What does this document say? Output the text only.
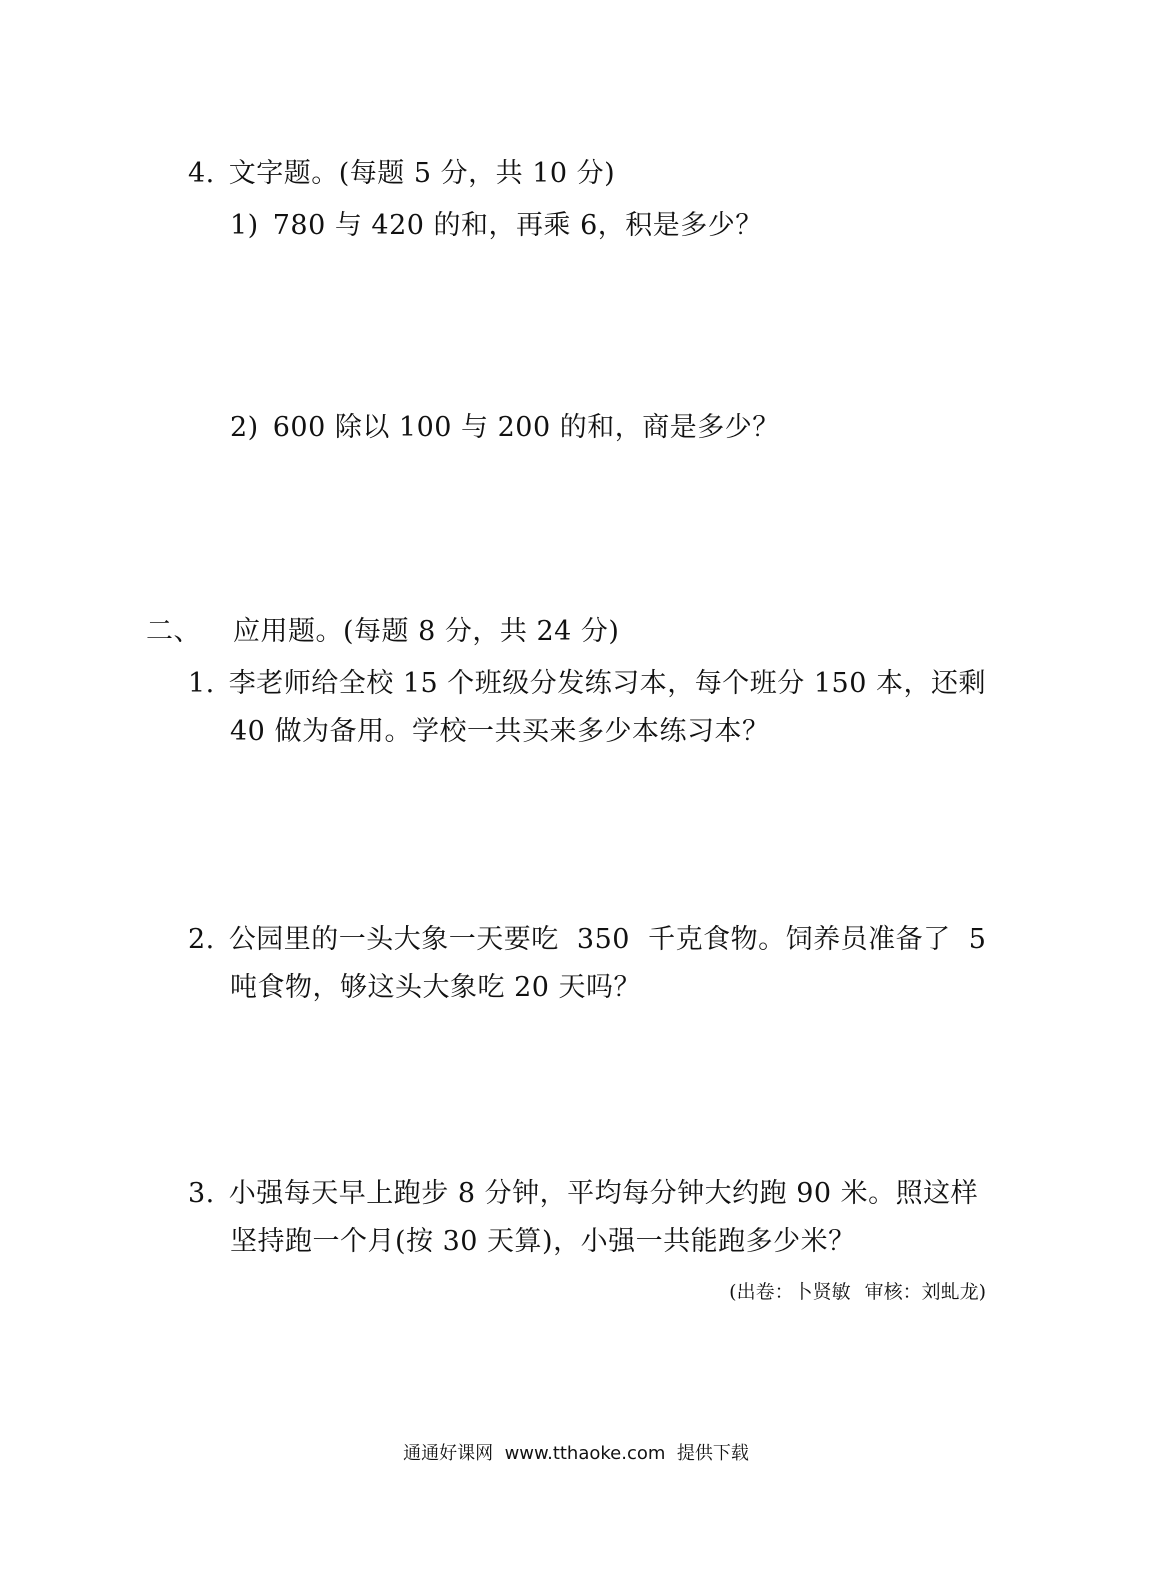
4. 文字题。(每题 5 分，共 10 分)
1) 780 与 420 的和，再乘 6，积是多少？
2) 600 除以 100 与 200 的和，商是多少？
二、 应用题。(每题 8 分，共 24 分)
1. 李老师给全校 15 个班级分发练习本，每个班分 150 本，还剩
40 做为备用。学校一共买来多少本练习本？
2. 公园里的一头大象一天要吃  350  千克食物。饲养员准备了  5
吨食物，够这头大象吃 20 天吗？
3. 小强每天早上跑步 8 分钟，平均每分钟大约跑 90 米。照这样
坚持跑一个月(按 30 天算)，小强一共能跑多少米？
(出卷：卜贤敏 审核：刘虬龙)
通通好课网  www.tthaoke.com  提供下载
